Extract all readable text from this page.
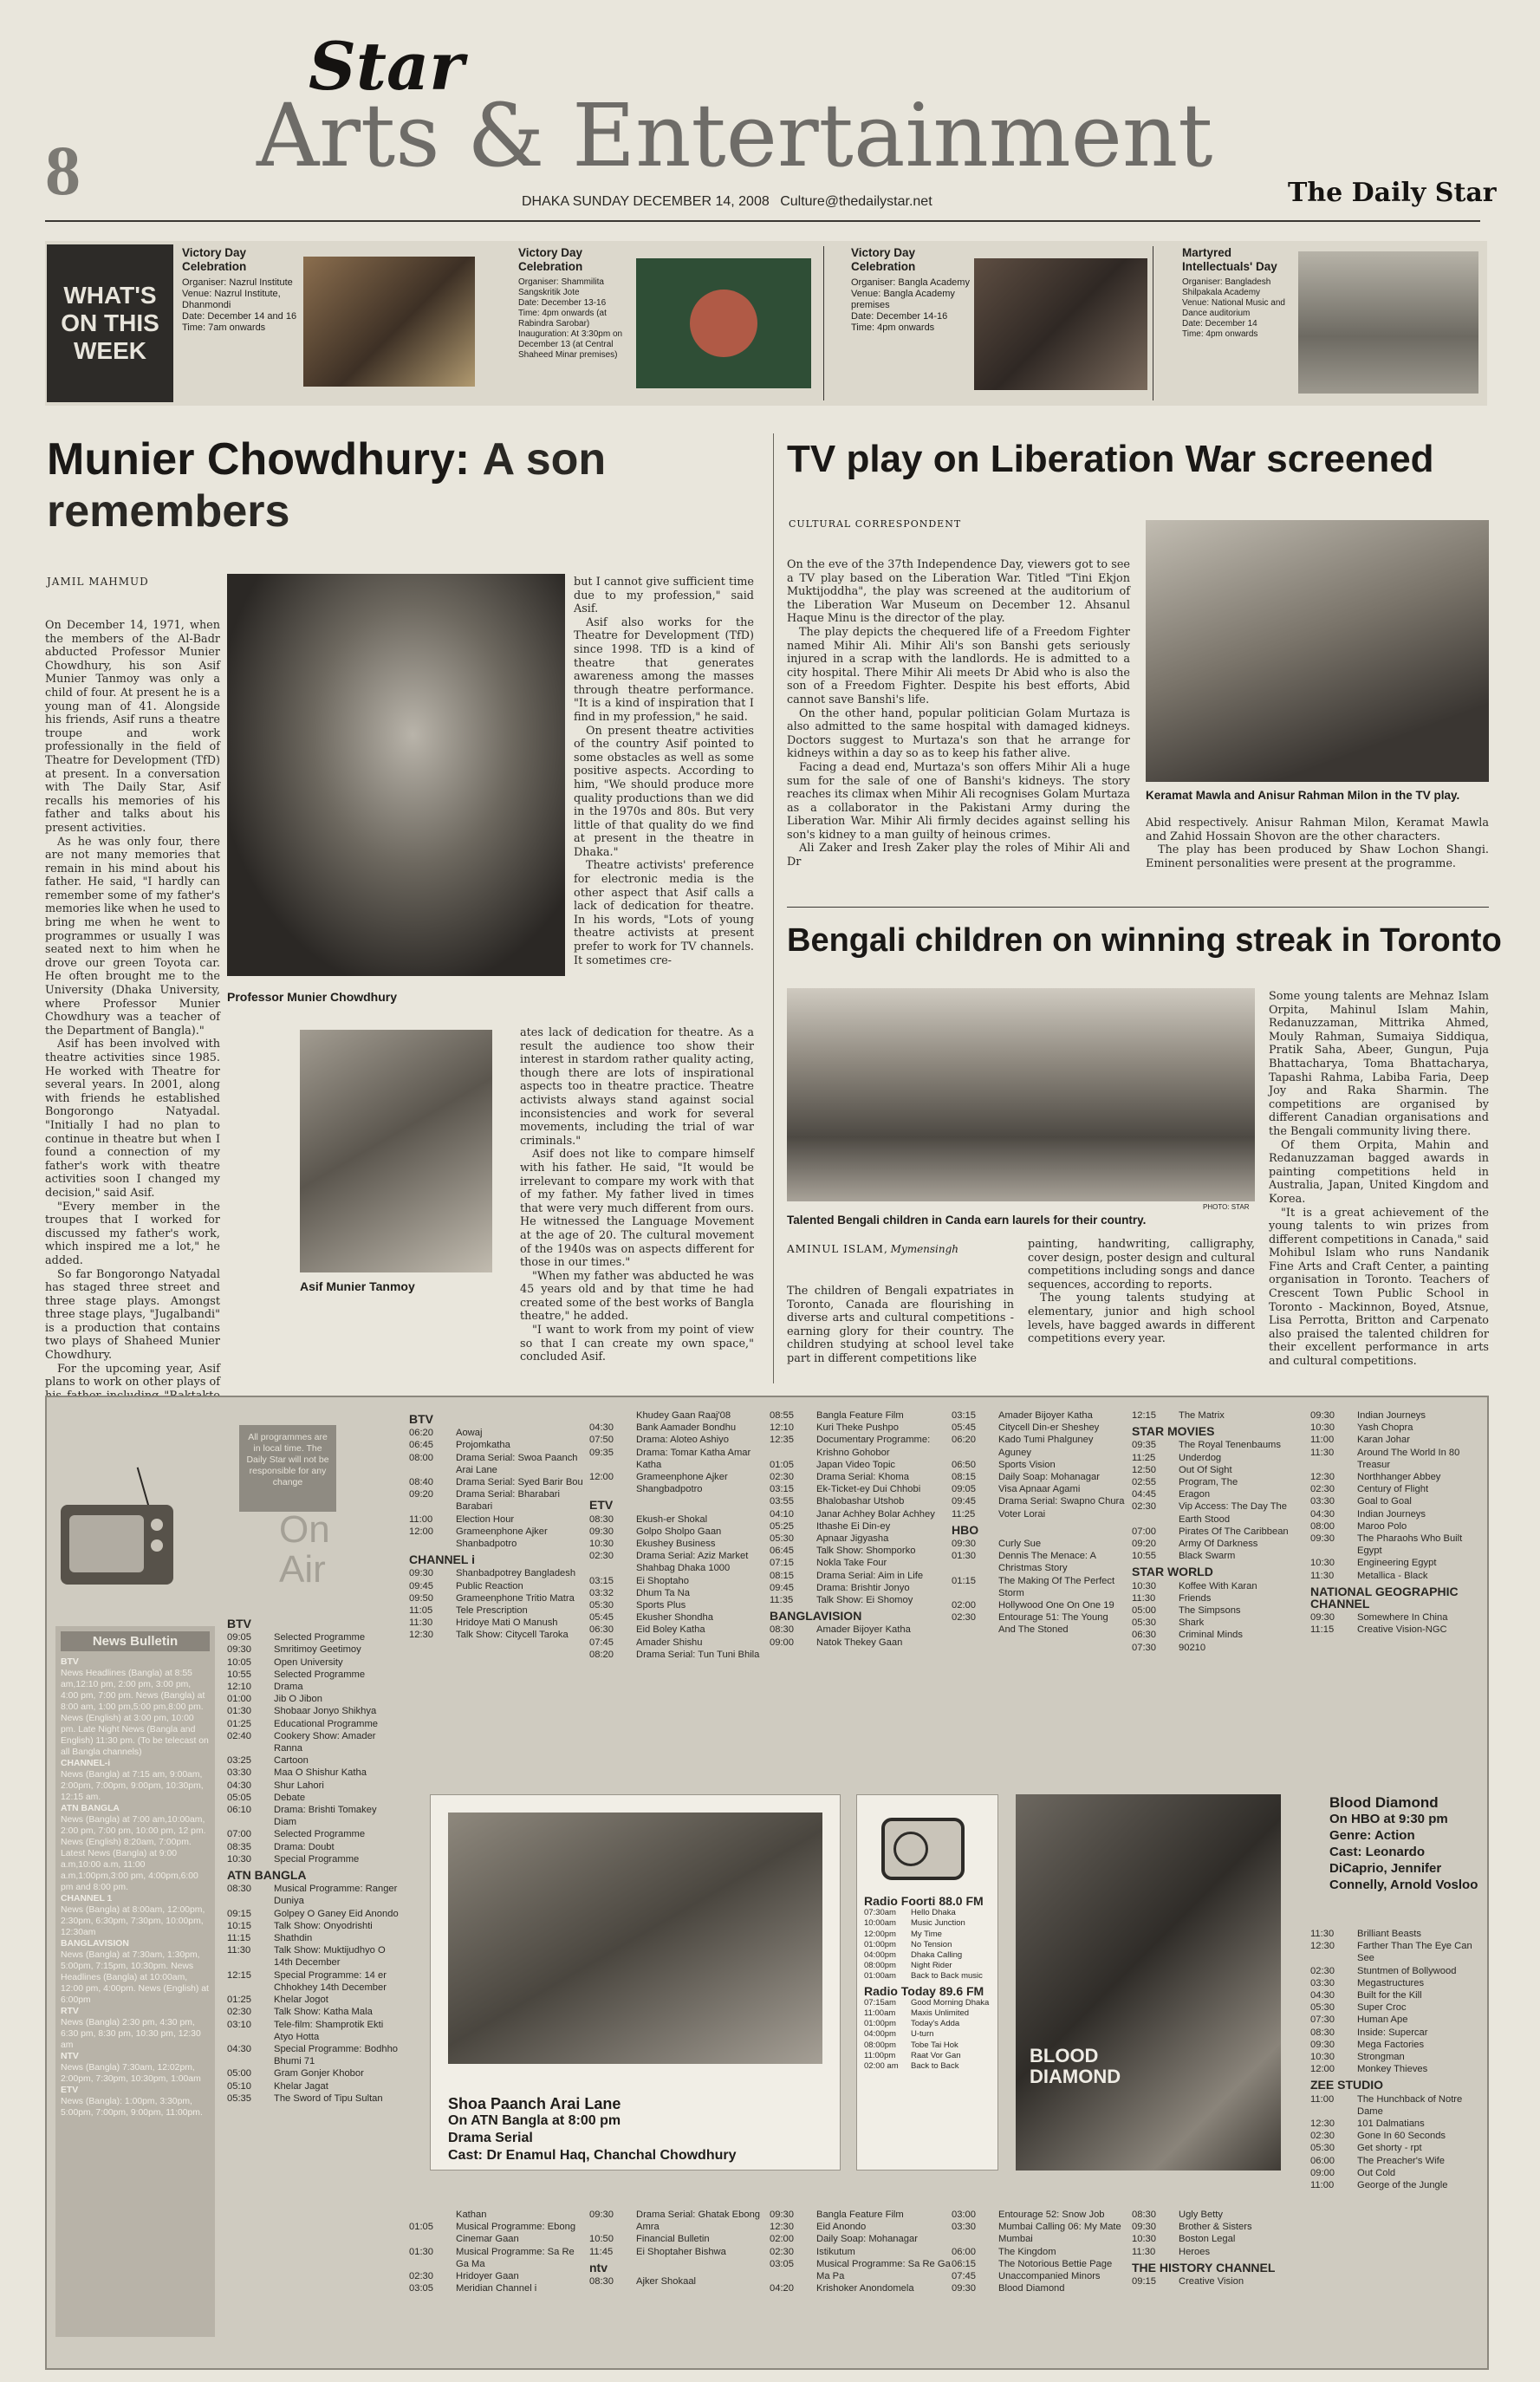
8
Star
Arts & Entertainment
DHAKA SUNDAY DECEMBER 14, 2008 Culture@thedailystar.net	The Daily Star
WHAT'S ON THIS WEEK
Victory Day Celebration
Organiser: Nazrul Institute
Venue: Nazrul Institute, Dhanmondi
Date: December 14 and 16
Time: 7am onwards
Victory Day Celebration
Organiser: Shammilita Sangskritik Jote
Date: December 13-16
Time: 4pm onwards (at Rabindra Sarobar)
Inauguration: At 3:30pm on December 13 (at Central Shaheed Minar premises)
Victory Day Celebration
Organiser: Bangla Academy
Venue: Bangla Academy premises
Date: December 14-16
Time: 4pm onwards
Martyred Intellectuals' Day
Organiser: Bangladesh Shilpakala Academy
Venue: National Music and Dance auditorium
Date: December 14
Time: 4pm onwards
Munier Chowdhury: A son remembers
JAMIL MAHMUD

On December 14, 1971, when the members of the Al-Badr abducted Professor Munier Chowdhury, his son Asif Munier Tanmoy was only a child of four. At present he is a young man of 41. Alongside his friends, Asif runs a theatre troupe and work professionally in the field of Theatre for Development (TfD) at present. In a conversation with The Daily Star, Asif recalls his memories of his father and talks about his present activities.

As he was only four, there are not many memories that remain in his mind about his father. He said, "I hardly can remember some of my father's memories like when he used to bring me when he went to programmes or usually I was seated next to him when he drove our green Toyota car. He often brought me to the University (Dhaka University, where Professor Munier Chowdhury was a teacher of the Department of Bangla)."

Asif has been involved with theatre activities since 1985. He worked with Theatre for several years. In 2001, along with friends he established Bongorongo Natyadal. "Initially I had no plan to continue in theatre but when I found a connection of my father's work with theatre activities soon I changed my decision," said Asif.

"Every member in the troupes that I worked for discussed my father's work, which inspired me a lot," he added.

So far Bongorongo Natyadal has staged three street and three stage plays. Amongst three stage plays, "Jugalbandi" is a production that contains two plays of Shaheed Munier Chowdhury.

For the upcoming year, Asif plans to work on other plays of

Professor Munier Chowdhury
Asif Munier Tanmoy

but I cannot give sufficient time due to my profession," said Asif.

Asif also works for the Theatre for Development (TfD) since 1998. TfD is a kind of theatre that generates awareness among the masses through theatre performance. "It is a kind of inspiration that I find in my profession," he said.

On present theatre activities of the country Asif pointed to some obstacles as well as some positive aspects. According to him, "We should produce more quality productions than we did in the 1970s and 80s. But very little of that quality do we find at present in the theatre in Dhaka."

Theatre activists' preference for electronic media is the other aspect that Asif calls a lack of dedication for theatre. In his words, "Lots of young theatre activists at present prefer to work for TV channels. It sometimes cre-

ates lack of dedication for theatre. As a result the audience too show their interest in stardom rather quality acting, though there are lots of inspirational aspects too in theatre practice. Theatre activists always stand against social inconsistencies and work for several movements, including the trial of war criminals."

Asif does not like to compare himself with his father. He said, "It would be irrelevant to compare my work with that of my father. My father lived in times that were very much different from ours. He witnessed the Language Movement at the age of 20. The cultural movement of the 1940s was on aspects different for those in our times."

"When my father was abducted he was 45 years old and by that time he had created some of the best works of Bangla theatre," he added.

"I want to work from my point of view so that I can create my own space," concluded Asif.

TV play on Liberation War screened
CULTURAL CORRESPONDENT

On the eve of the 37th Independence Day, viewers got to see a TV play based on the Liberation War. Titled "Tini Ekjon Muktijoddha", the play was screened at the auditorium of the Liberation War Museum on December 12. Ahsanul Haque Minu is the director of the play.

The play depicts the chequered life of a Freedom Fighter named Mihir Ali. Mihir Ali's son Banshi gets seriously injured in a scrap with the landlords. He is admitted to a city hospital. There Mihir Ali meets Dr Abid who is also the son of a Freedom Fighter. Despite his best efforts, Abid cannot save Banshi's life.

On the other hand, popular politician Golam Murtaza is also admitted to the same hospital with damaged kidneys. Doctors suggest to Murtaza's son that he arrange for kidneys within a day so as to keep his father alive.

Facing a dead end, Murtaza's son offers Mihir Ali a huge sum for the sale of one of Banshi's kidneys. The story reaches its climax when Mihir Ali recognises Golam Murtaza as a collaborator in the Pakistani Army during the Liberation War. Mihir Ali firmly decides against selling his son's kidney to a man guilty of heinous crimes.

Ali Zaker and Iresh Zaker play the roles of Mihir Ali and Dr

Keramat Mawla and Anisur Rahman Milon in the TV play.

Abid respectively. Anisur Rahman Milon, Keramat Mawla and Zahid Hossain Shovon are the other characters.

The play has been produced by Shaw Lochon Shangi. Eminent personalities were present at the programme.

Bengali children on winning streak in Toronto
PHOTO: STAR
Talented Bengali children in Canda earn laurels for their country.
AMINUL ISLAM, Mymensingh

The children of Bengali expatriates in Toronto, Canada are flourishing in diverse arts and cultural competitions - earning glory for their country. The children studying at school level take part in different competitions like

painting, handwriting, calligraphy, cover design, poster design and cultural competitions including songs and dance sequences, according to reports.

The young talents studying at elementary, junior and high school levels, have bagged awards in different competitions every year.

Some young talents are Mehnaz Islam Orpita, Mahinul Islam Mahin, Redanuzzaman, Mittrika Ahmed, Mouly Rahman, Sumaiya Siddiqua, Pratik Saha, Abeer, Gungun, Puja Bhattacharya, Toma Bhattacharya, Tapashi Rahma, Labiba Faria, Deep Joy and Raka Sharmin. The competitions are organised by different Canadian organisations and the Bengali community living there.

Of them Orpita, Mahin and Redanuzzaman bagged awards in painting competitions held in Australia, Japan, United Kingdom and Korea.

"It is a great achievement of the young talents to win prizes from different competitions in Canada," said Mohibul Islam who runs Nandanik Fine Arts and Craft Center, a painting organisation in Toronto. Teachers of Crescent Town Public School in Toronto - Mackinnon, Boyed, Atsnue, Lisa Perrotta, Britton and Carpenato also praised the talented children for their excellent performance in arts and cultural competitions.

All programmes are in local time. The Daily Star will not be responsible for any change
On
Air
News Bulletin
BTV
News Headlines (Bangla) at 8:55 am,12:10 pm, 2:00 pm, 3:00 pm, 4:00 pm, 7:00 pm. News (Bangla) at 8:00 am, 1:00 pm,5:00 pm,8:00 pm. News (English) at 3:00 pm, 10:00 pm. Late Night News (Bangla and English) 11:30 pm. (To be telecast on all Bangla channels)
CHANNEL-i
News (Bangla) at 7:15 am, 9:00am, 2:00pm, 7:00pm, 9:00pm, 10:30pm, 12:15 am.
ATN BANGLA
News (Bangla) at 7:00 am,10:00am, 2:00 pm, 7:00 pm, 10:00 pm, 12 pm. News (English) 8:20am, 7:00pm. Latest News (Bangla) at 9:00 a.m,10:00 a.m, 11:00 a.m,1:00pm,3:00 pm, 4:00pm,6:00 pm and 8:00 pm.
CHANNEL 1
News (Bangla) at 8:00am, 12:00pm, 2:30pm, 6:30pm, 7:30pm, 10:00pm, 12:30am
BANGLAVISION
News (Bangla) at 7:30am, 1:30pm, 5:00pm, 7:15pm, 10:30pm. News Headlines (Bangla) at 10:00am, 12:00 pm, 4:00pm. News (English) at 6:00pm
RTV
News (Bangla) 2:30 pm, 4:30 pm, 6:30 pm, 8:30 pm, 10:30 pm, 12:30 am
NTV
News (Bangla) 7:30am, 12:02pm, 2:00pm, 7:30pm, 10:30pm, 1:00am
ETV
News (Bangla): 1:00pm, 3:30pm, 5:00pm, 7:00pm, 9:00pm, 11:00pm.
BTV
09:05	Selected Programme
09:30	Smritimoy Geetimoy
10:05	Open University
10:55	Selected Programme
12:10	Drama
01:00	Jib O Jibon
01:30	Shobaar Jonyo Shikhya
01:25	Educational Programme
02:40	Cookery Show: Amader Ranna
03:25	Cartoon
03:30	Maa O Shishur Katha
04:30	Shur Lahori
05:05	Debate
06:10	Drama: Brishti Tomakey Diam
07:00	Selected Programme
08:35	Drama: Doubt
10:30	Special Programme
ATN BANGLA
08:30	Musical Programme: Ranger Duniya
09:15	Golpey O Ganey Eid Anondo
10:15	Talk Show: Onyodrishti
11:15	Shathdin
11:30	Talk Show: Muktijudhyo O 14th December
12:15	Special Programme: 14 er Chhokhey 14th December
01:25	Khelar Jogot
02:30	Talk Show: Katha Mala
03:10	Tele-film: Shamprotik Ekti Atyo Hotta
04:30	Special Programme: Bodhho Bhumi 71
05:00	Gram Gonjer Khobor
05:10	Khelar Jagat
05:35	The Sword of Tipu Sultan
BTV
06:20	Aowaj
06:45	Projomkatha
08:00	Drama Serial: Swoa Paanch Arai Lane
08:40	Drama Serial: Syed Barir Bou
09:20	Drama Serial: Bharabari Barabari
11:00	Election Hour
12:00	Grameenphone Ajker Shanbadpotro
CHANNEL i
09:30	Shanbadpotrey Bangladesh
09:45	Public Reaction
09:50	Grameenphone Tritio Matra
11:05	Tele Prescription
11:30	Hridoye Mati O Manush
12:30	Talk Show: Citycell Taroka
Khudey Gaan Raaj'08
04:30	Bank Aamader Bondhu
07:50	Drama: Aloteo Ashiyo
09:35	Drama: Tomar Katha Amar Katha
12:00	Grameenphone Ajker Shangbadpotro
ETV
08:30	Ekush-er Shokal
09:30	Golpo Sholpo Gaan
10:30	Ekushey Business
02:30	Drama Serial: Aziz Market
Shahbag Dhaka 1000
03:15	Ei Shoptaho
03:32	Dhum Ta Na
05:30	Sports Plus
05:45	Ekusher Shondha
06:30	Eid Boley Katha
07:45	Amader Shishu
08:20	Drama Serial: Tun Tuni Bhila
08:55	Bangla Feature Film
12:10	Kuri Theke Pushpo
12:35	Documentary Programme: Krishno Gohobor
01:05	Japan Video Topic
02:30	Drama Serial: Khoma
03:15	Ek-Ticket-ey Dui Chhobi
03:55	Bhalobashar Utshob
04:10	Janar Achhey Bolar Achhey
05:25	Ithashe Ei Din-ey
05:30	Apnaar Jigyasha
06:45	Talk Show: Shomporko
07:15	Nokla Take Four
08:15	Drama Serial: Aim in Life
09:45	Drama: Brishtir Jonyo
11:35	Talk Show: Ei Shomoy
BANGLAVISION
08:30	Amader Bijoyer Katha
09:00	Natok Thekey Gaan
03:15	Amader Bijoyer Katha
05:45	Citycell Din-er Sheshey
06:20	Kado Tumi Phalguney Aguney
06:50	Sports Vision
08:15	Daily Soap: Mohanagar
09:05	Visa Apnaar Agami
09:45	Drama Serial: Swapno Chura
11:25	Voter Lorai
HBO
09:30	Curly Sue
01:30	Dennis The Menace: A Christmas Story
01:15	The Making Of The Perfect Storm
02:00	Hollywood One On One 19
02:30	Entourage 51: The Young And The Stoned
12:15	The Matrix
STAR MOVIES
09:35	The Royal Tenenbaums
11:25	Underdog
12:50	Out Of Sight
02:55	Program, The
04:45	Eragon
02:30	Vip Access: The Day The Earth Stood
07:00	Pirates Of The Caribbean
09:20	Army Of Darkness
10:55	Black Swarm
STAR WORLD
10:30	Koffee With Karan
11:30	Friends
05:00	The Simpsons
05:30	Shark
06:30	Criminal Minds
07:30	90210
09:30	Indian Journeys
10:30	Yash Chopra
11:00	Karan Johar
11:30	Around The World In 80 Treasur
12:30	Northhanger Abbey
02:30	Century of Flight
03:30	Goal to Goal
04:30	Indian Journeys
08:00	Maroo Polo
09:30	The Pharaohs Who Built Egypt
10:30	Engineering Egypt
11:30	Metallica - Black
NATIONAL GEOGRAPHIC CHANNEL
09:30	Somewhere In China
11:15	Creative Vision-NGC
Shoa Paanch Arai Lane
On ATN Bangla at 8:00 pm
Drama Serial
Cast: Dr Enamul Haq, Chanchal Chowdhury
Radio Foorti 88.0 FM
07:30am	Hello Dhaka
10:00am	Music Junction
12:00pm	My Time
01:00pm	No Tension
04:00pm	Dhaka Calling
08:00pm	Night Rider
01:00am	Back to Back music
Radio Today 89.6 FM
07:15am	Good Morning Dhaka
11:00am	Maxis Unlimited
01:00pm	Today's Adda
04:00pm	U-turn
08:00pm	Tobe Tai Hok
11:00pm	Raat Vor Gan
02:00 am	Back to Back	BLOOD DIAMOND
Blood Diamond
On HBO at 9:30 pm
Genre: Action
Cast: Leonardo DiCaprio, Jennifer Connelly, Arnold Vosloo
11:30	Brilliant Beasts
12:30	Farther Than The Eye Can See
02:30	Stuntmen of Bollywood
03:30	Megastructures
04:30	Built for the Kill
05:30	Super Croc
07:30	Human Ape
08:30	Inside: Supercar
09:30	Mega Factories
10:30	Strongman
12:00	Monkey Thieves
ZEE STUDIO
11:00	The Hunchback of Notre Dame
12:30	101 Dalmatians
02:30	Gone In 60 Seconds
05:30	Get shorty - rpt
06:00	The Preacher's Wife
09:00	Out Cold
11:00	George of the Jungle
Kathan
01:05	Musical Programme: Ebong Cinemar Gaan
01:30	Musical Programme: Sa Re Ga Ma
02:30	Hridoyer Gaan
03:05	Meridian Channel i
09:30	Drama Serial: Ghatak Ebong Amra
10:50	Financial Bulletin
11:45	Ei Shoptaher Bishwa
ntv
08:30	Ajker Shokaal
09:30	Bangla Feature Film
12:30	Eid Anondo
02:00	Daily Soap: Mohanagar
02:30	Istikutum
03:05	Musical Programme: Sa Re Ga Ma Pa
04:20	Krishoker Anondomela
03:00	Entourage 52: Snow Job
03:30	Mumbai Calling 06: My Mate Mumbai
06:00	The Kingdom
06:15	The Notorious Bettie Page
07:45	Unaccompanied Minors
09:30	Blood Diamond
08:30	Ugly Betty
09:30	Brother & Sisters
10:30	Boston Legal
11:30	Heroes
THE HISTORY CHANNEL
09:15	Creative Vision
